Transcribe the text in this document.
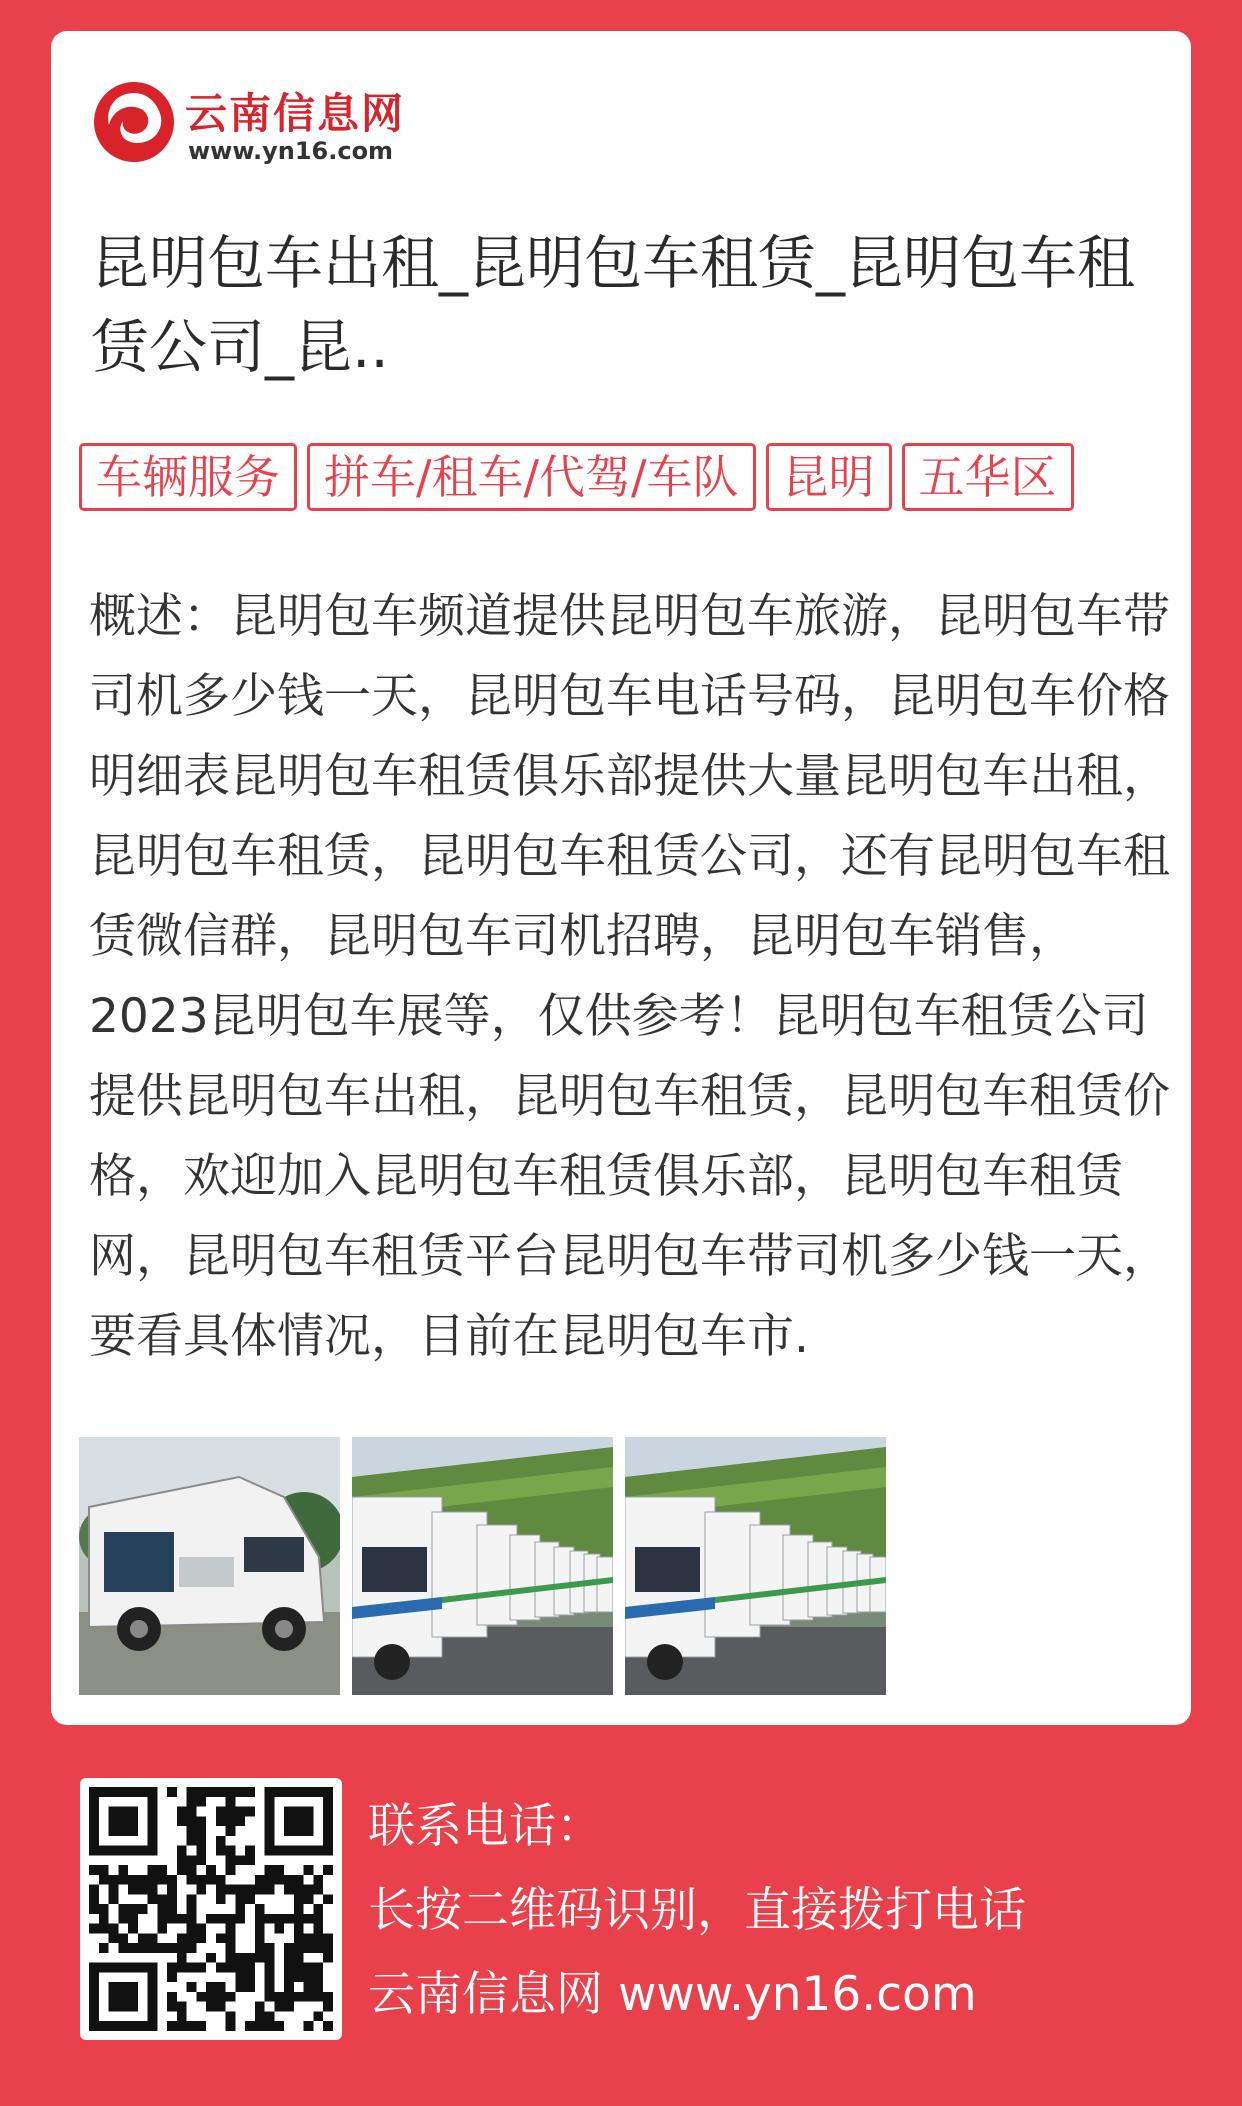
云南信息网
www.yn16.com
昆明包车出租_昆明包车租赁_昆明包车租赁公司_昆..
车辆服务 拼车/租车/代驾/车队 昆明 五华区

概述：昆明包车频道提供昆明包车旅游，昆明包车带司机多少钱一天，昆明包车电话号码，昆明包车价格明细表昆明包车租赁俱乐部提供大量昆明包车出租，昆明包车租赁，昆明包车租赁公司，还有昆明包车租赁微信群，昆明包车司机招聘，昆明包车销售，2023昆明包车展等，仅供参考！昆明包车租赁公司提供昆明包车出租，昆明包车租赁，昆明包车租赁价格，欢迎加入昆明包车租赁俱乐部，昆明包车租赁网，昆明包车租赁平台昆明包车带司机多少钱一天，要看具体情况，目前在昆明包车市.

联系电话：
长按二维码识别，直接拨打电话
云南信息网 www.yn16.com
